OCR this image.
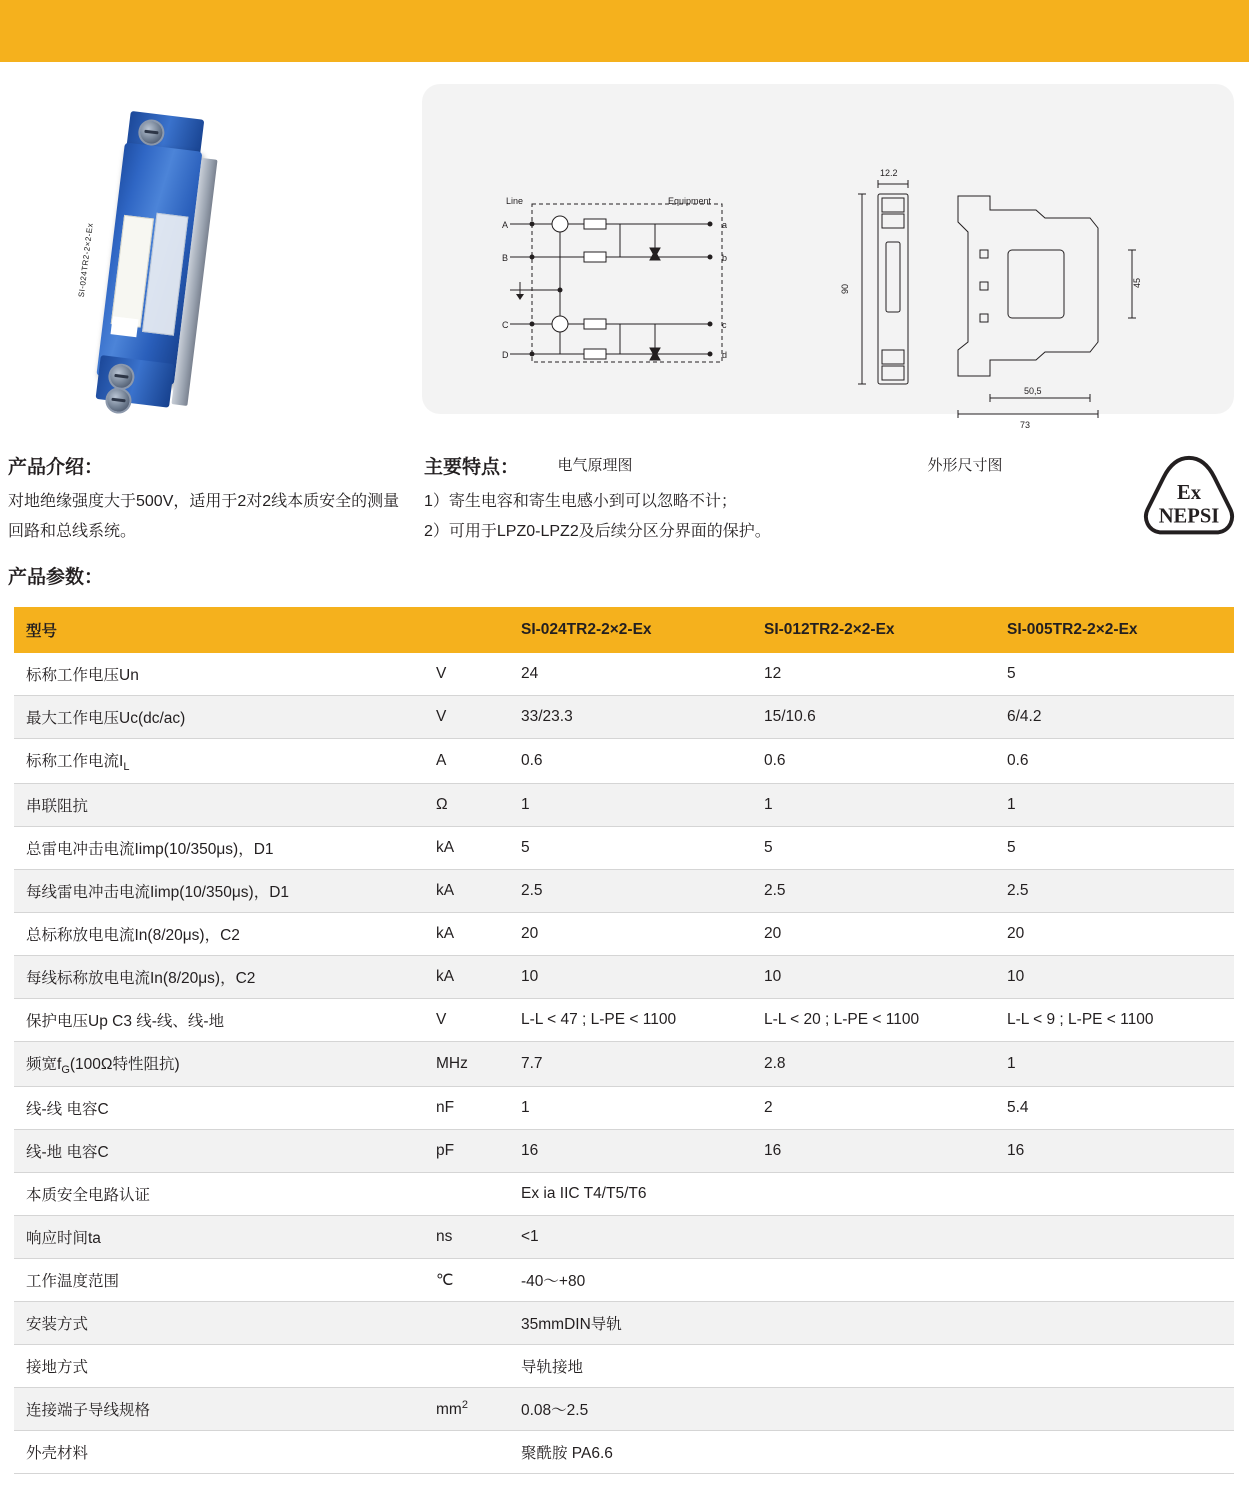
SI-024TR2-2×2-Ex
Line	Equipment
A
B
C
D
a
b
c
d
12.2
90
45
50,5
73
电气原理图	外形尺寸图
产品介绍：
对地绝缘强度大于500V，适用于2对2线本质安全的测量回路和总线系统。
主要特点：
1）寄生电容和寄生电感小到可以忽略不计；
2）可用于LPZ0-LPZ2及后续分区分界面的保护。
Ex
NEPSI
产品参数：
型号		SI-024TR2-2×2-Ex	SI-012TR2-2×2-Ex	SI-005TR2-2×2-Ex
标称工作电压Un	V	24	12	5
最大工作电压Uc(dc/ac)	V	33/23.3	15/10.6	6/4.2
标称工作电流$I_L$	A	0.6	0.6	0.6
串联阻抗	Ω	1	1	1
总雷电冲击电流Iimp(10/350μs)，D1	kA	5	5	5
每线雷电冲击电流Iimp(10/350μs)，D1	kA	2.5	2.5	2.5
总标称放电电流In(8/20μs)，C2	kA	20	20	20
每线标称放电电流In(8/20μs)，C2	kA	10	10	10
保护电压Up C3 线-线、线-地	V	L-L < 47 ; L-PE < 1100	L-L < 20 ; L-PE < 1100	L-L < 9 ; L-PE < 1100
频宽$f_G(100\Omega$特性阻抗)	MHz	7.7	2.8	1
线-线 电容C	nF	1	2	5.4
线-地 电容C	pF	16	16	16
本质安全电路认证		Ex ia IIC T4/T5/T6		
响应时间ta	ns	<1		
工作温度范围	℃	-40～+80		
安装方式		35mmDIN导轨		
接地方式		导轨接地		
连接端子导线规格	$mm^2$	0.08～2.5		
外壳材料		聚酰胺 PA6.6		
